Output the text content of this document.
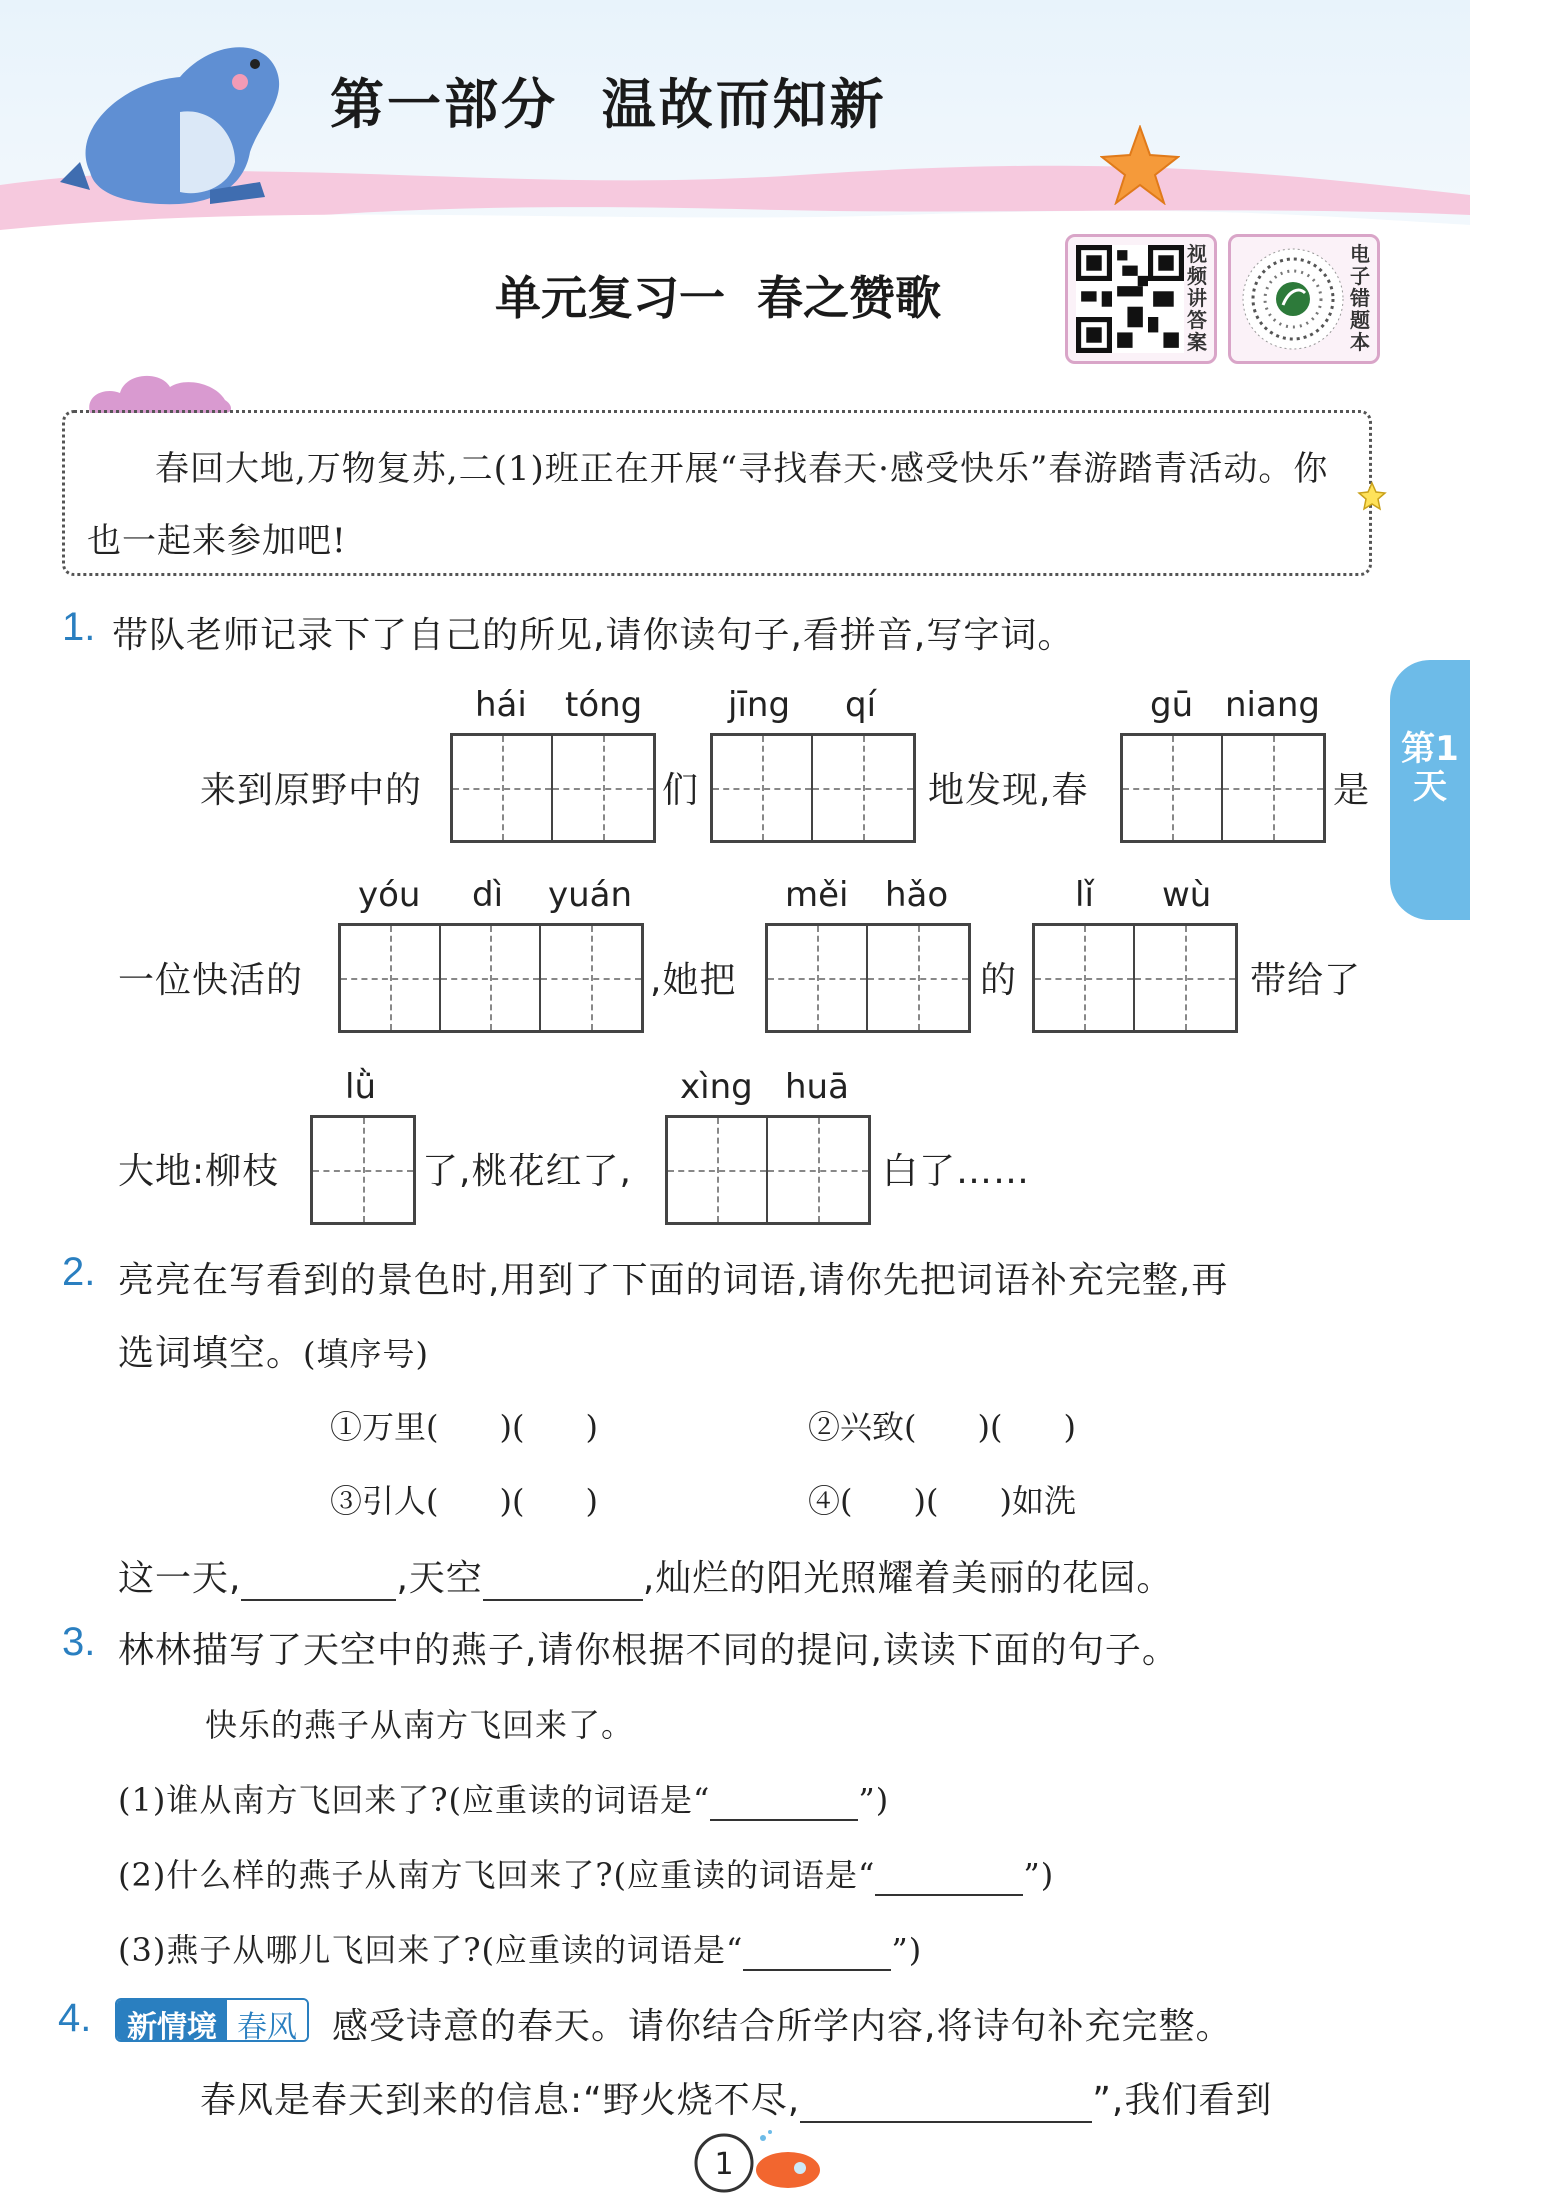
第一部分  温故而知新
单元复习一  春之赞歌
视频讲答案
电子错题本

春回大地,万物复苏,二(1)班正在开展“寻找春天·感受快乐”春游踏青活动。你也一起来参加吧!

第1天
1. 带队老师记录下了自己的所见,请你读句子,看拼音,写字词。
hái tóng	jīng qí	gū niang
来到原野中的	们	地发现,春	是
yóu dì yuán	měi hǎo	lǐ wù
一位快活的	,她把	的	带给了
lǜ	xìng huā
大地:柳枝	了,桃花红了,	白了……
2. 亮亮在写看到的景色时,用到了下面的词语,请你先把词语补充完整,再
选词填空。(填序号)
①万里(      )(      )	②兴致(      )(      )
③引人(      )(      )	④(      )(      )如洗
这一天,	,天空	,灿烂的阳光照耀着美丽的花园。
3. 林林描写了天空中的燕子,请你根据不同的提问,读读下面的句子。
快乐的燕子从南方飞回来了。
(1)谁从南方飞回来了?(应重读的词语是“	”)
(2)什么样的燕子从南方飞回来了?(应重读的词语是“	”)
(3)燕子从哪儿飞回来了?(应重读的词语是“	”)
4.	新情境 春风 感受诗意的春天。请你结合所学内容,将诗句补充完整。
春风是春天到来的信息:“野火烧不尽,	”,我们看到
1
